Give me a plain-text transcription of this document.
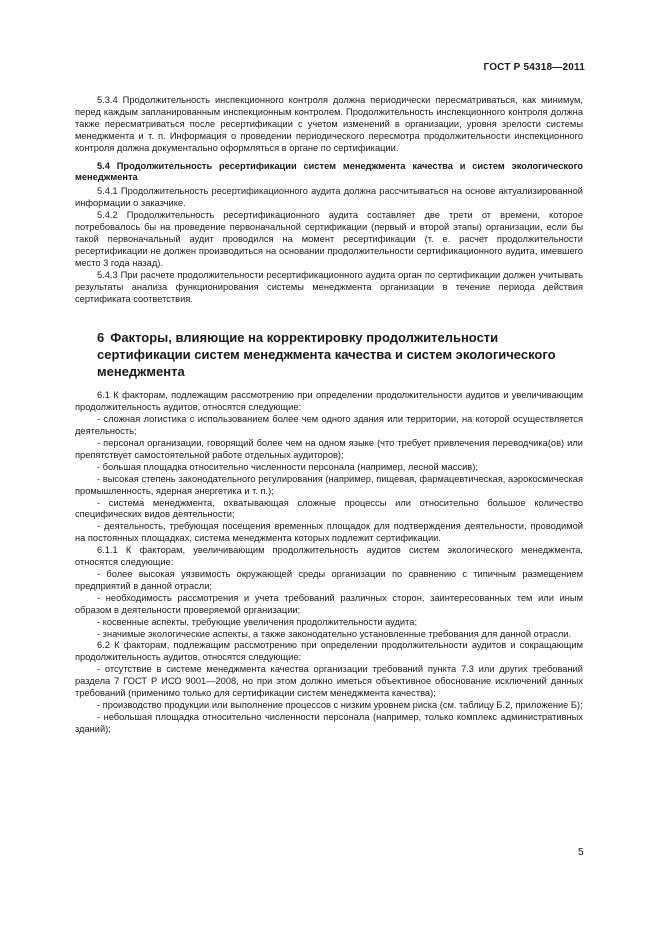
ГОСТ Р 54318—2011

5.3.4 Продолжительность инспекционного контроля должна периодически пересматриваться, как минимум, перед каждым запланированным инспекционным контролем. Продолжительность инспекционного контроля должна также пересматриваться после ресертификации с учетом изменений в организации, уровня зрелости системы менеджмента и т. п. Информация о проведении периодического пересмотра продолжительности инспекционного контроля должна документально оформляться в органе по сертификации.

5.4 Продолжительность ресертификации систем менеджмента качества и систем экологического менеджмента

5.4.1 Продолжительность ресертификационного аудита должна рассчитываться на основе актуализированной информации о заказчике.

5.4.2 Продолжительность ресертификационного аудита составляет две трети от времени, которое потребовалось бы на проведение первоначальной сертификации (первый и второй этапы) организации, если бы такой первоначальный аудит проводился на момент ресертификации (т. е. расчет продолжительности ресертификации не должен производиться на основании продолжительности сертификационного аудита, имевшего место 3 года назад).

5.4.3 При расчете продолжительности ресертификационного аудита орган по сертификации должен учитывать результаты анализа функционирования системы менеджмента организации в течение периода действия сертификата соответствия.

6 Факторы, влияющие на корректировку продолжительности сертификации систем менеджмента качества и систем экологического менеджмента

6.1 К факторам, подлежащим рассмотрению при определении продолжительности аудитов и увеличивающим продолжительность аудитов, относятся следующие:

- сложная логистика с использованием более чем одного здания или территории, на которой осуществляется деятельность;

- персонал организации, говорящий более чем на одном языке (что требует привлечения переводчика(ов) или препятствует самостоятельной работе отдельных аудиторов);

- большая площадка относительно численности персонала (например, лесной массив);

- высокая степень законодательного регулирования (например, пищевая, фармацевтическая, аэрокосмическая промышленность, ядерная энергетика и т. п.);

- система менеджмента, охватывающая сложные процессы или относительно большое количество специфических видов деятельности;

- деятельность, требующая посещения временных площадок для подтверждения деятельности, проводимой на постоянных площадках, система менеджмента которых подлежит сертификации.

6.1.1 К факторам, увеличивающим продолжительность аудитов систем экологического менеджмента, относятся следующие:

- более высокая уязвимость окружающей среды организации по сравнению с типичным размещением предприятий в данной отрасли;

- необходимость рассмотрения и учета требований различных сторон, заинтересованных тем или иным образом в деятельности проверяемой организации;

- косвенные аспекты, требующие увеличения продолжительности аудита;

- значимые экологические аспекты, а также законодательно установленные требования для данной отрасли.

6.2 К факторам, подлежащим рассмотрению при определении продолжительности аудитов и сокращающим продолжительность аудитов, относятся следующие:

- отсутствие в системе менеджмента качества организации требований пункта 7.3 или других требований раздела 7 ГОСТ Р ИСО 9001—2008, но при этом должно иметься объективное обоснование исключений данных требований (применимо только для сертификации систем менеджмента качества);

- производство продукции или выполнение процессов с низким уровнем риска (см. таблицу Б.2, приложение Б);

- небольшая площадка относительно численности персонала (например, только комплекс административных зданий);

5
